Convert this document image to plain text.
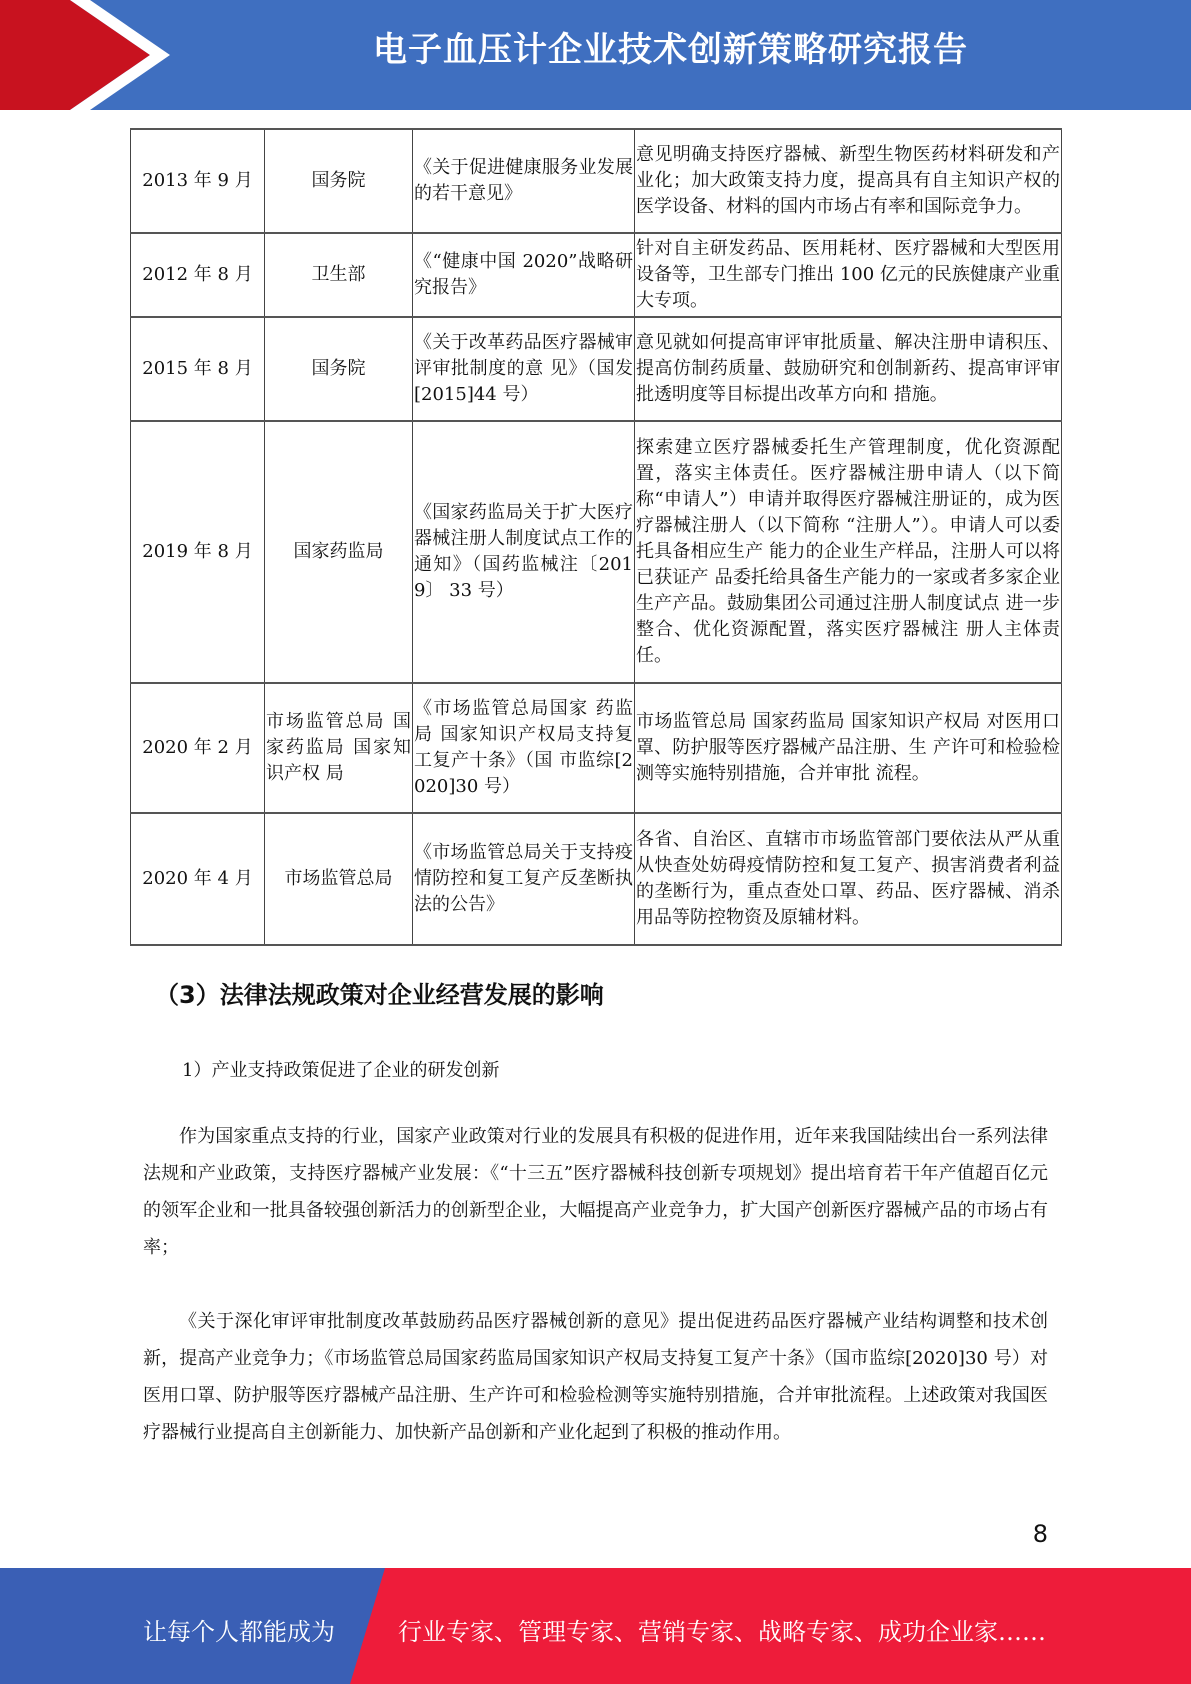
电子血压计企业技术创新策略研究报告
2013 年 9 月	国务院	《关于促进健康服务业发展的若干意见》	意见明确支持医疗器械、新型生物医药材料研发和产业化；加大政策支持力度，提高具有自主知识产权的医学设备、材料的国内市场占有率和国际竞争力。
2012 年 8 月	卫生部	《“健康中国 2020”战略研究报告》	针对自主研发药品、医用耗材、医疗器械和大型医用设备等，卫生部专门推出 100 亿元的民族健康产业重大专项。
2015 年 8 月	国务院	《关于改革药品医疗器械审评审批制度的意 见》（国发[2015]44 号）	意见就如何提高审评审批质量、解决注册申请积压、提高仿制药质量、鼓励研究和创制新药、提高审评审批透明度等目标提出改革方向和 措施。
2019 年 8 月	国家药监局	《国家药监局关于扩大医疗器械注册人制度试点工作的通知》（国药监械注〔2019〕 33 号）	探索建立医疗器械委托生产管理制度，优化资源配置，落实主体责任。医疗器械注册申请人（以下简称“申请人”）申请并取得医疗器械注册证的，成为医疗器械注册人（以下简称 “注册人”）。申请人可以委托具备相应生产 能力的企业生产样品，注册人可以将已获证产 品委托给具备生产能力的一家或者多家企业 生产产品。鼓励集团公司通过注册人制度试点 进一步整合、优化资源配置，落实医疗器械注 册人主体责任。
2020 年 2 月	市场监管总局 国家药监局 国家知识产权 局	《市场监管总局国家 药监局 国家知识产权局支持复工复产十条》（国 市监综[2020]30 号）	市场监管总局 国家药监局 国家知识产权局 对医用口罩、防护服等医疗器械产品注册、生 产许可和检验检测等实施特别措施，合并审批 流程。
2020 年 4 月	市场监管总局	《市场监管总局关于支持疫情防控和复工复产反垄断执法的公告》	各省、自治区、直辖市市场监管部门要依法从严从重从快查处妨碍疫情防控和复工复产、损害消费者利益的垄断行为，重点查处口罩、药品、医疗器械、消杀用品等防控物资及原辅材料。
（3）法律法规政策对企业经营发展的影响
1）产业支持政策促进了企业的研发创新

作为国家重点支持的行业，国家产业政策对行业的发展具有积极的促进作用，近年来我国陆续出台一系列法律法规和产业政策，支持医疗器械产业发展：《“十三五”医疗器械科技创新专项规划》提出培育若干年产值超百亿元的领军企业和一批具备较强创新活力的创新型企业，大幅提高产业竞争力，扩大国产创新医疗器械产品的市场占有率；

《关于深化审评审批制度改革鼓励药品医疗器械创新的意见》提出促进药品医疗器械产业结构调整和技术创新，提高产业竞争力；《市场监管总局国家药监局国家知识产权局支持复工复产十条》（国市监综[2020]30 号）对医用口罩、防护服等医疗器械产品注册、生产许可和检验检测等实施特别措施，合并审批流程。上述政策对我国医疗器械行业提高自主创新能力、加快新产品创新和产业化起到了积极的推动作用。

8
让每个人都能成为	行业专家、管理专家、营销专家、战略专家、成功企业家……
